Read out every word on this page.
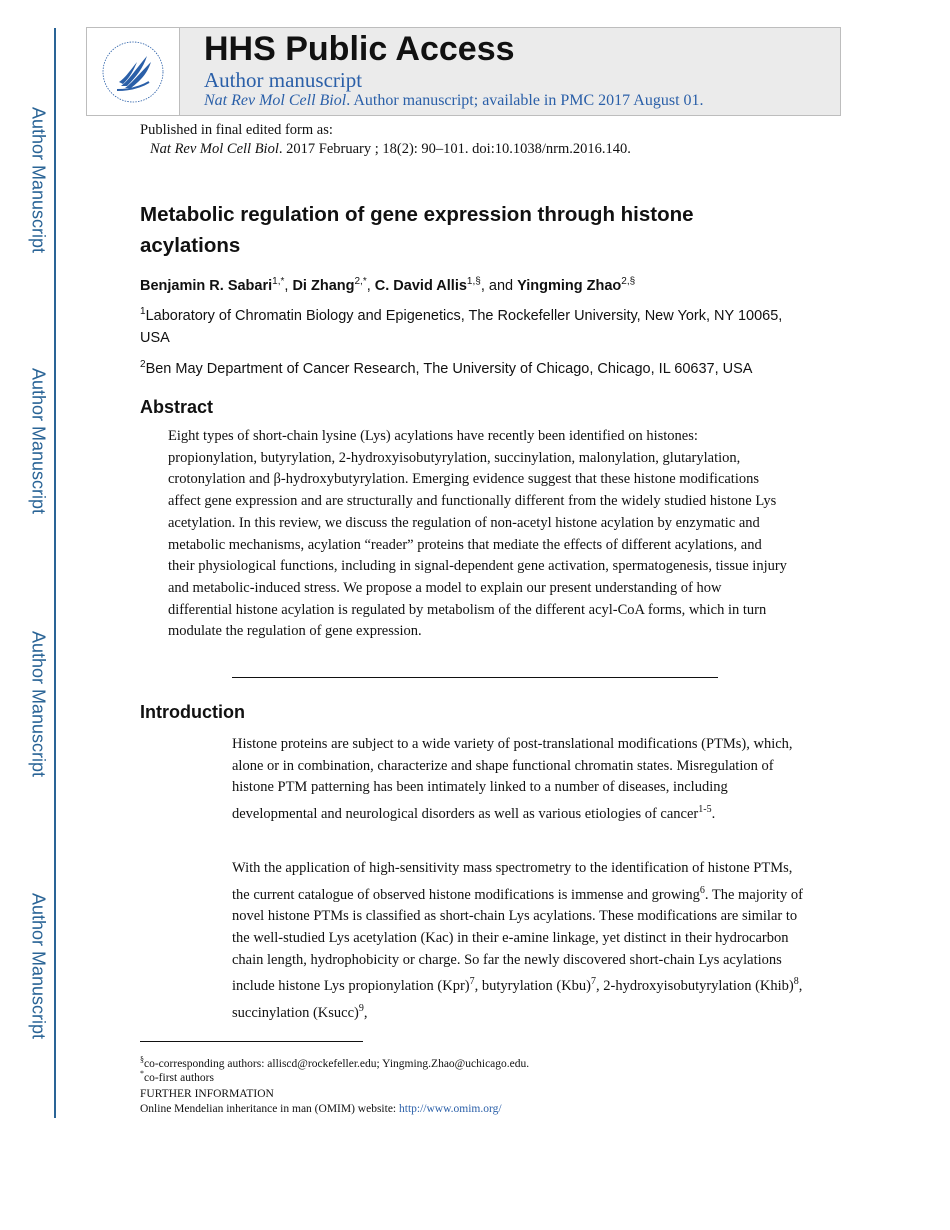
Author Manuscript
Author Manuscript
Author Manuscript
Author Manuscript
HHS Public Access
Author manuscript
Nat Rev Mol Cell Biol. Author manuscript; available in PMC 2017 August 01.
Published in final edited form as:
Nat Rev Mol Cell Biol. 2017 February ; 18(2): 90–101. doi:10.1038/nrm.2016.140.
Metabolic regulation of gene expression through histone acylations
Benjamin R. Sabari$^{1,*}$, Di Zhang$^{2,*}$, C. David Allis$^{1,\S}$, and Yingming Zhao$^{2,\S}$
$^1$Laboratory of Chromatin Biology and Epigenetics, The Rockefeller University, New York, NY 10065, USA
$^2$Ben May Department of Cancer Research, The University of Chicago, Chicago, IL 60637, USA
Abstract

Eight types of short-chain lysine (Lys) acylations have recently been identified on histones: propionylation, butyrylation, 2-hydroxyisobutyrylation, succinylation, malonylation, glutarylation, crotonylation and β-hydroxybutyrylation. Emerging evidence suggest that these histone modifications affect gene expression and are structurally and functionally different from the widely studied histone Lys acetylation. In this review, we discuss the regulation of non-acetyl histone acylation by enzymatic and metabolic mechanisms, acylation “reader” proteins that mediate the effects of different acylations, and their physiological functions, including in signal-dependent gene activation, spermatogenesis, tissue injury and metabolic-induced stress. We propose a model to explain our present understanding of how differential histone acylation is regulated by metabolism of the different acyl-CoA forms, which in turn modulate the regulation of gene expression.

Introduction

Histone proteins are subject to a wide variety of post-translational modifications (PTMs), which, alone or in combination, characterize and shape functional chromatin states. Misregulation of histone PTM patterning has been intimately linked to a number of diseases, including developmental and neurological disorders as well as various etiologies of cancer$^{1-5}$.

With the application of high-sensitivity mass spectrometry to the identification of histone PTMs, the current catalogue of observed histone modifications is immense and growing$^6$. The majority of novel histone PTMs is classified as short-chain Lys acylations. These modifications are similar to the well-studied Lys acetylation (Kac) in their e-amine linkage, yet distinct in their hydrocarbon chain length, hydrophobicity or charge. So far the newly discovered short-chain Lys acylations include histone Lys propionylation (Kpr)$^7$, butyrylation (Kbu)$^7$, 2-hydroxyisobutyrylation (Khib)$^8$, succinylation (Ksucc)$^9$,

§co-corresponding authors: alliscd@rockefeller.edu; Yingming.Zhao@uchicago.edu.
*co-first authors
FURTHER INFORMATION
Online Mendelian inheritance in man (OMIM) website: http://www.omim.org/
